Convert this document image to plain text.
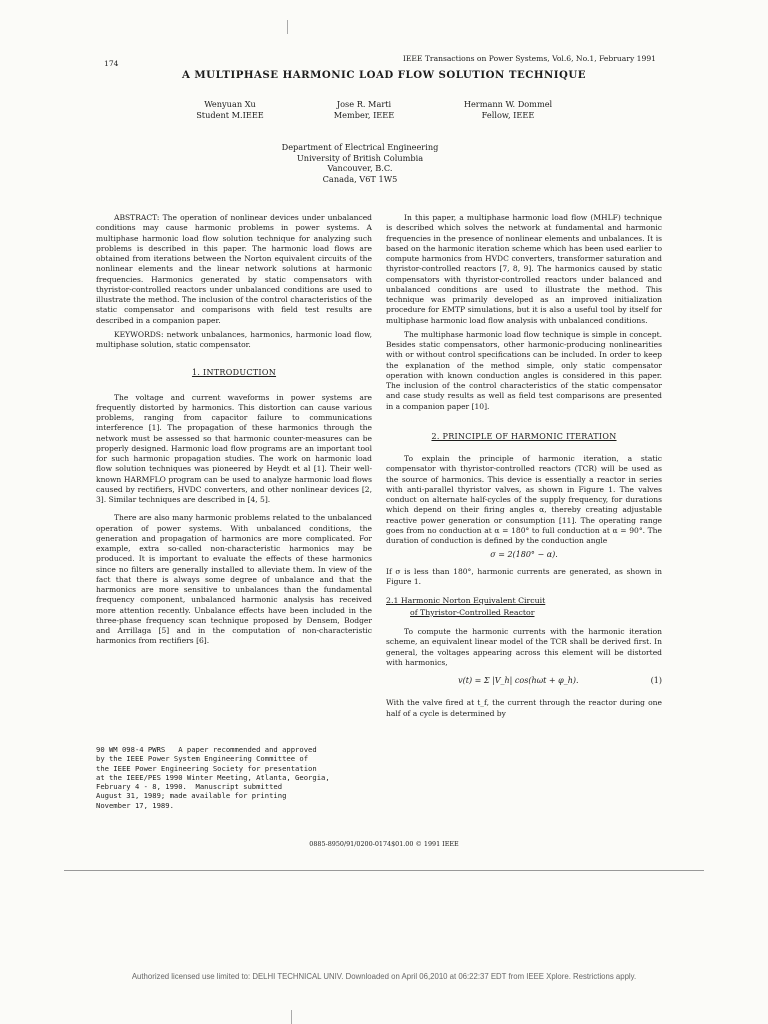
174
IEEE Transactions on Power Systems, Vol.6, No.1, February 1991
A MULTIPHASE HARMONIC LOAD FLOW SOLUTION TECHNIQUE
Wenyuan Xu
Student M.IEEE
Jose R. Marti
Member, IEEE
Hermann W. Dommel
Fellow, IEEE
Department of Electrical Engineering
University of British Columbia
Vancouver, B.C.
Canada, V6T 1W5

ABSTRACT: The operation of nonlinear devices under unbalanced conditions may cause harmonic problems in power systems. A multiphase harmonic load flow solution technique for analyzing such problems is described in this paper. The harmonic load flows are obtained from iterations between the Norton equivalent circuits of the nonlinear elements and the linear network solutions at harmonic frequencies. Harmonics generated by static compensators with thyristor-controlled reactors under unbalanced conditions are used to illustrate the method. The inclusion of the control characteristics of the static compensator and comparisons with field test results are described in a companion paper.

KEYWORDS: network unbalances, harmonics, harmonic load flow, multiphase solution, static compensator.

1. INTRODUCTION

The voltage and current waveforms in power systems are frequently distorted by harmonics. This distortion can cause various problems, ranging from capacitor failure to communications interference [1]. The propagation of these harmonics through the network must be assessed so that harmonic counter-measures can be properly designed. Harmonic load flow programs are an important tool for such harmonic propagation studies. The work on harmonic load flow solution techniques was pioneered by Heydt et al [1]. Their well-known HARMFLO program can be used to analyze harmonic load flows caused by rectifiers, HVDC converters, and other nonlinear devices [2, 3]. Similar techniques are described in [4, 5].

There are also many harmonic problems related to the unbalanced operation of power systems. With unbalanced conditions, the generation and propagation of harmonics are more complicated. For example, extra so-called non-characteristic harmonics may be produced. It is important to evaluate the effects of these harmonics since no filters are generally installed to alleviate them. In view of the fact that there is always some degree of unbalance and that the harmonics are more sensitive to unbalances than the fundamental frequency component, unbalanced harmonic analysis has received more attention recently. Unbalance effects have been included in the three-phase frequency scan technique proposed by Densem, Bodger and Arrillaga [5] and in the computation of non-characteristic harmonics from rectifiers [6].

90 WM 098-4 PWRS   A paper recommended and approved
by the IEEE Power System Engineering Committee of
the IEEE Power Engineering Society for presentation
at the IEEE/PES 1990 Winter Meeting, Atlanta, Georgia,
February 4 - 8, 1990.  Manuscript submitted
August 31, 1989; made available for printing
November 17, 1989.

In this paper, a multiphase harmonic load flow (MHLF) technique is described which solves the network at fundamental and harmonic frequencies in the presence of nonlinear elements and unbalances. It is based on the harmonic iteration scheme which has been used earlier to compute harmonics from HVDC converters, transformer saturation and thyristor-controlled reactors [7, 8, 9]. The harmonics caused by static compensators with thyristor-controlled reactors under balanced and unbalanced conditions are used to illustrate the method. This technique was primarily developed as an improved initialization procedure for EMTP simulations, but it is also a useful tool by itself for multiphase harmonic load flow analysis with unbalanced conditions.

The multiphase harmonic load flow technique is simple in concept. Besides static compensators, other harmonic-producing nonlinearities with or without control specifications can be included. In order to keep the explanation of the method simple, only static compensator operation with known conduction angles is considered in this paper. The inclusion of the control characteristics of the static compensator and case study results as well as field test comparisons are presented in a companion paper [10].

2. PRINCIPLE OF HARMONIC ITERATION

To explain the principle of harmonic iteration, a static compensator with thyristor-controlled reactors (TCR) will be used as the source of harmonics. This device is essentially a reactor in series with anti-parallel thyristor valves, as shown in Figure 1. The valves conduct on alternate half-cycles of the supply frequency, for durations which depend on their firing angles α, thereby creating adjustable reactive power generation or consumption [11]. The operating range goes from no conduction at α = 180° to full conduction at α = 90°. The duration of conduction is defined by the conduction angle

σ = 2(180° − α).

If σ is less than 180°, harmonic currents are generated, as shown in Figure 1.

2.1 Harmonic Norton Equivalent Circuit
of Thyristor-Controlled Reactor

To compute the harmonic currents with the harmonic iteration scheme, an equivalent linear model of the TCR shall be derived first. In general, the voltages appearing across this element will be distorted with harmonics,

v(t) = Σ |V_h| cos(hωt + φ_h).	(1)

With the valve fired at t_f, the current through the reactor during one half of a cycle is determined by

0885-8950/91/0200-0174$01.00 © 1991 IEEE
Authorized licensed use limited to: DELHI TECHNICAL UNIV. Downloaded on April 06,2010 at 06:22:37 EDT from IEEE Xplore. Restrictions apply.
